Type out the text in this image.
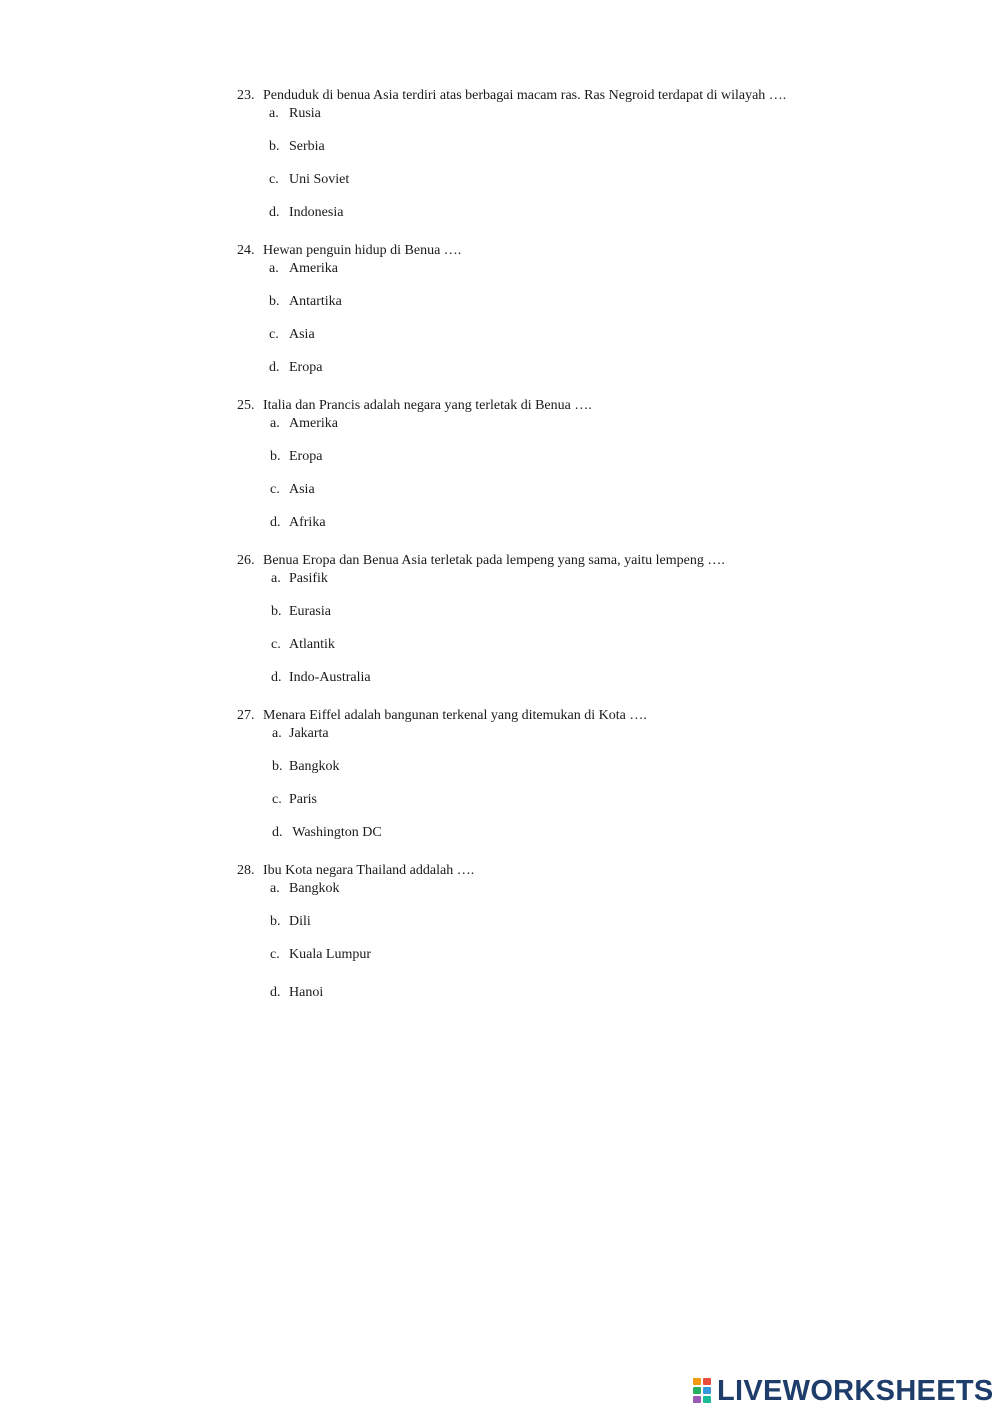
23. Penduduk di benua Asia terdiri atas berbagai macam ras. Ras Negroid terdapat di wilayah ….
a. Rusia
b. Serbia
c. Uni Soviet
d. Indonesia
24. Hewan penguin hidup di Benua ….
a. Amerika
b. Antartika
c. Asia
d. Eropa
25. Italia dan Prancis adalah negara yang terletak di Benua ….
a. Amerika
b. Eropa
c. Asia
d. Afrika
26. Benua Eropa dan Benua Asia terletak pada lempeng yang sama, yaitu lempeng ….
a. Pasifik
b. Eurasia
c. Atlantik
d. Indo-Australia
27. Menara Eiffel adalah bangunan terkenal yang ditemukan di Kota ….
a. Jakarta
b. Bangkok
c. Paris
d. Washington DC
28. Ibu Kota negara Thailand addalah ….
a. Bangkok
b. Dili
c. Kuala Lumpur
d. Hanoi
LIVEWORKSHEETS
